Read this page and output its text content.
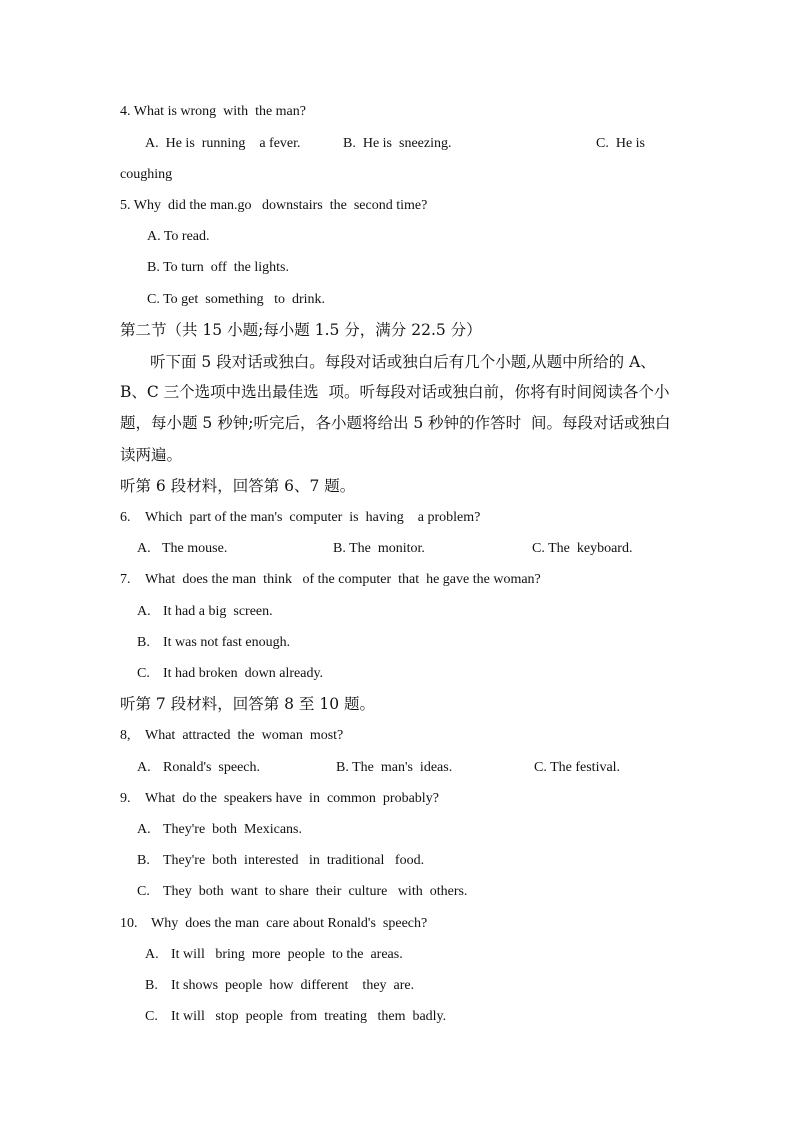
4. What is wrong  with  the man?
A.  He is  running    a fever.	B.  He is  sneezing.	C.  He is
coughing
5. Why  did the man.go   downstairs  the  second time?
A. To read.
B. To turn  off  the lights.
C. To get  something   to  drink.
第二节（共 15 小题;每小题 1.5 分，满分 22.5 分）
听下面 5 段对话或独白。每段对话或独白后有几个小题,从题中所给的 A、
B、C 三个选项中选出最佳选  项。听每段对话或独白前，你将有时间阅读各个小
题，每小题 5 秒钟;听完后，各小题将给出 5 秒钟的作答时  间。每段对话或独白
读两遍。
听第 6 段材料，回答第 6、7 题。
6. Which  part of the man's  computer  is  having    a problem?
A. The mouse.	B. The  monitor.	C. The  keyboard.
7. What  does the man  think   of the computer  that  he gave the woman?
A. It had a big  screen.
B. It was not fast enough.
C. It had broken  down already.
听第 7 段材料，回答第 8 至 10 题。
8, What  attracted  the  woman  most?
A. Ronald's  speech.	B. The  man's  ideas.	C. The festival.
9. What  do the  speakers have  in  common  probably?
A. They're  both  Mexicans.
B. They're  both  interested   in  traditional   food.
C. They  both  want  to share  their  culture   with  others.
10. Why  does the man  care about Ronald's  speech?
A. It will   bring  more  people  to the  areas.
B. It shows  people  how  different    they  are.
C. It will   stop  people  from  treating   them  badly.
